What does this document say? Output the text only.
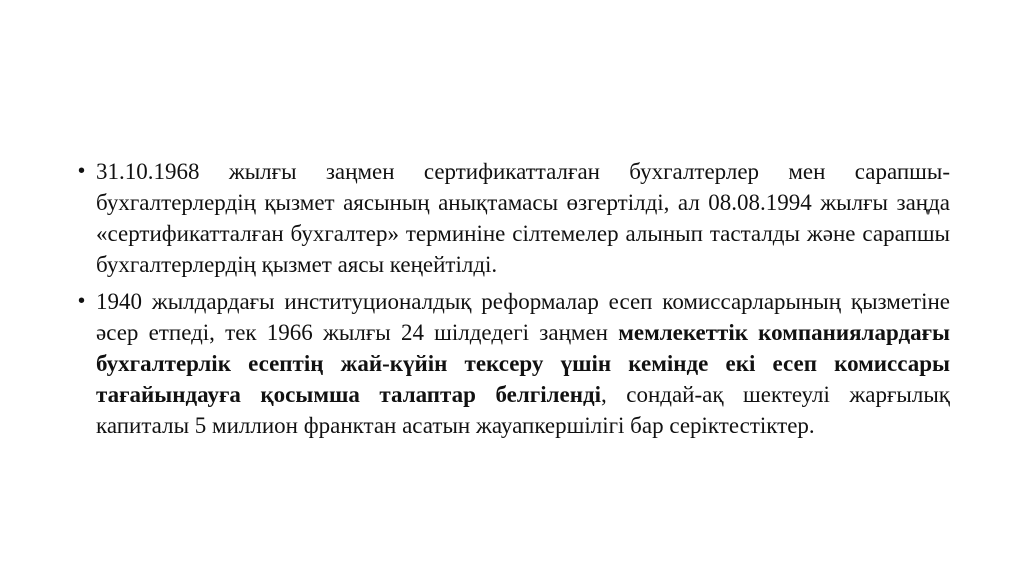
• 31.10.1968 жылғы заңмен сертификатталған бухгалтерлер мен сарапшы-бухгалтерлердің қызмет аясының анықтамасы өзгертілді, ал 08.08.1994 жылғы заңда «сертификатталған бухгалтер» терминіне сілтемелер алынып тасталды және сарапшы бухгалтерлердің қызмет аясы кеңейтілді.
• 1940 жылдардағы институционалдық реформалар есеп комиссарларының қызметіне әсер етпеді, тек 1966 жылғы 24 шілдедегі заңмен мемлекеттік компаниялардағы бухгалтерлік есептің жай-күйін тексеру үшін кемінде екі есеп комиссары тағайындауға қосымша талаптар белгіленді, сондай-ақ шектеулі жарғылық капиталы 5 миллион франктан асатын жауапкершілігі бар серіктестіктер.
